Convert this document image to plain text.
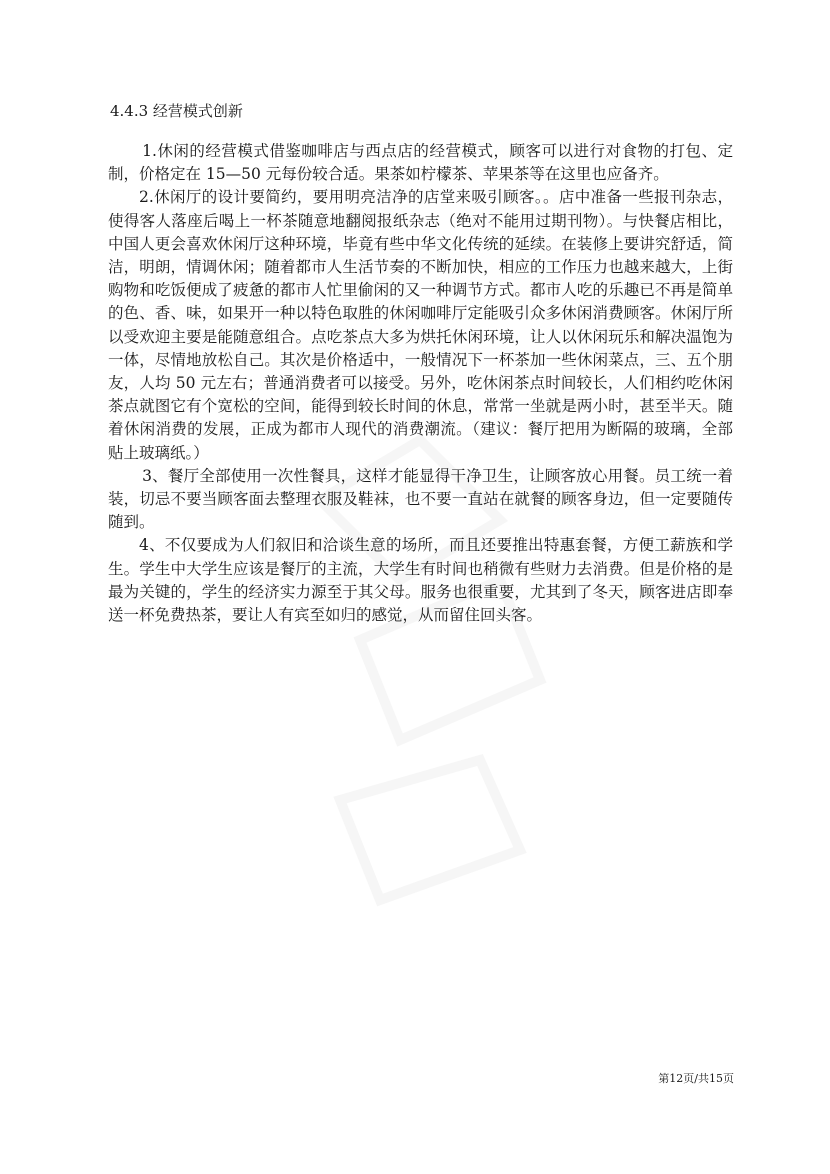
4.4.3 经营模式创新

1.休闲的经营模式借鉴咖啡店与西点店的经营模式，顾客可以进行对食物的打包、定制，价格定在 15—50 元每份较合适。果茶如柠檬茶、苹果茶等在这里也应备齐。

2.休闲厅的设计要简约，要用明亮洁净的店堂来吸引顾客。。店中准备一些报刊杂志，使得客人落座后喝上一杯茶随意地翻阅报纸杂志（绝对不能用过期刊物）。与快餐店相比，中国人更会喜欢休闲厅这种环境，毕竟有些中华文化传统的延续。在装修上要讲究舒适，简洁，明朗，情调休闲；随着都市人生活节奏的不断加快，相应的工作压力也越来越大，上街购物和吃饭便成了疲惫的都市人忙里偷闲的又一种调节方式。都市人吃的乐趣已不再是简单的色、香、味，如果开一种以特色取胜的休闲咖啡厅定能吸引众多休闲消费顾客。休闲厅所以受欢迎主要是能随意组合。点吃茶点大多为烘托休闲环境，让人以休闲玩乐和解决温饱为一体，尽情地放松自己。其次是价格适中，一般情况下一杯茶加一些休闲菜点，三、五个朋友，人均 50 元左右；普通消费者可以接受。另外，吃休闲茶点时间较长，人们相约吃休闲茶点就图它有个宽松的空间，能得到较长时间的休息，常常一坐就是两小时，甚至半天。随着休闲消费的发展，正成为都市人现代的消费潮流。（建议：餐厅把用为断隔的玻璃，全部贴上玻璃纸。）

3、餐厅全部使用一次性餐具，这样才能显得干净卫生，让顾客放心用餐。员工统一着装，切忌不要当顾客面去整理衣服及鞋袜，也不要一直站在就餐的顾客身边，但一定要随传随到。

4、不仅要成为人们叙旧和洽谈生意的场所，而且还要推出特惠套餐，方便工薪族和学生。学生中大学生应该是餐厅的主流，大学生有时间也稍微有些财力去消费。但是价格的是最为关键的，学生的经济实力源至于其父母。服务也很重要，尤其到了冬天，顾客进店即奉送一杯免费热茶，要让人有宾至如归的感觉，从而留住回头客。

第12页/共15页
